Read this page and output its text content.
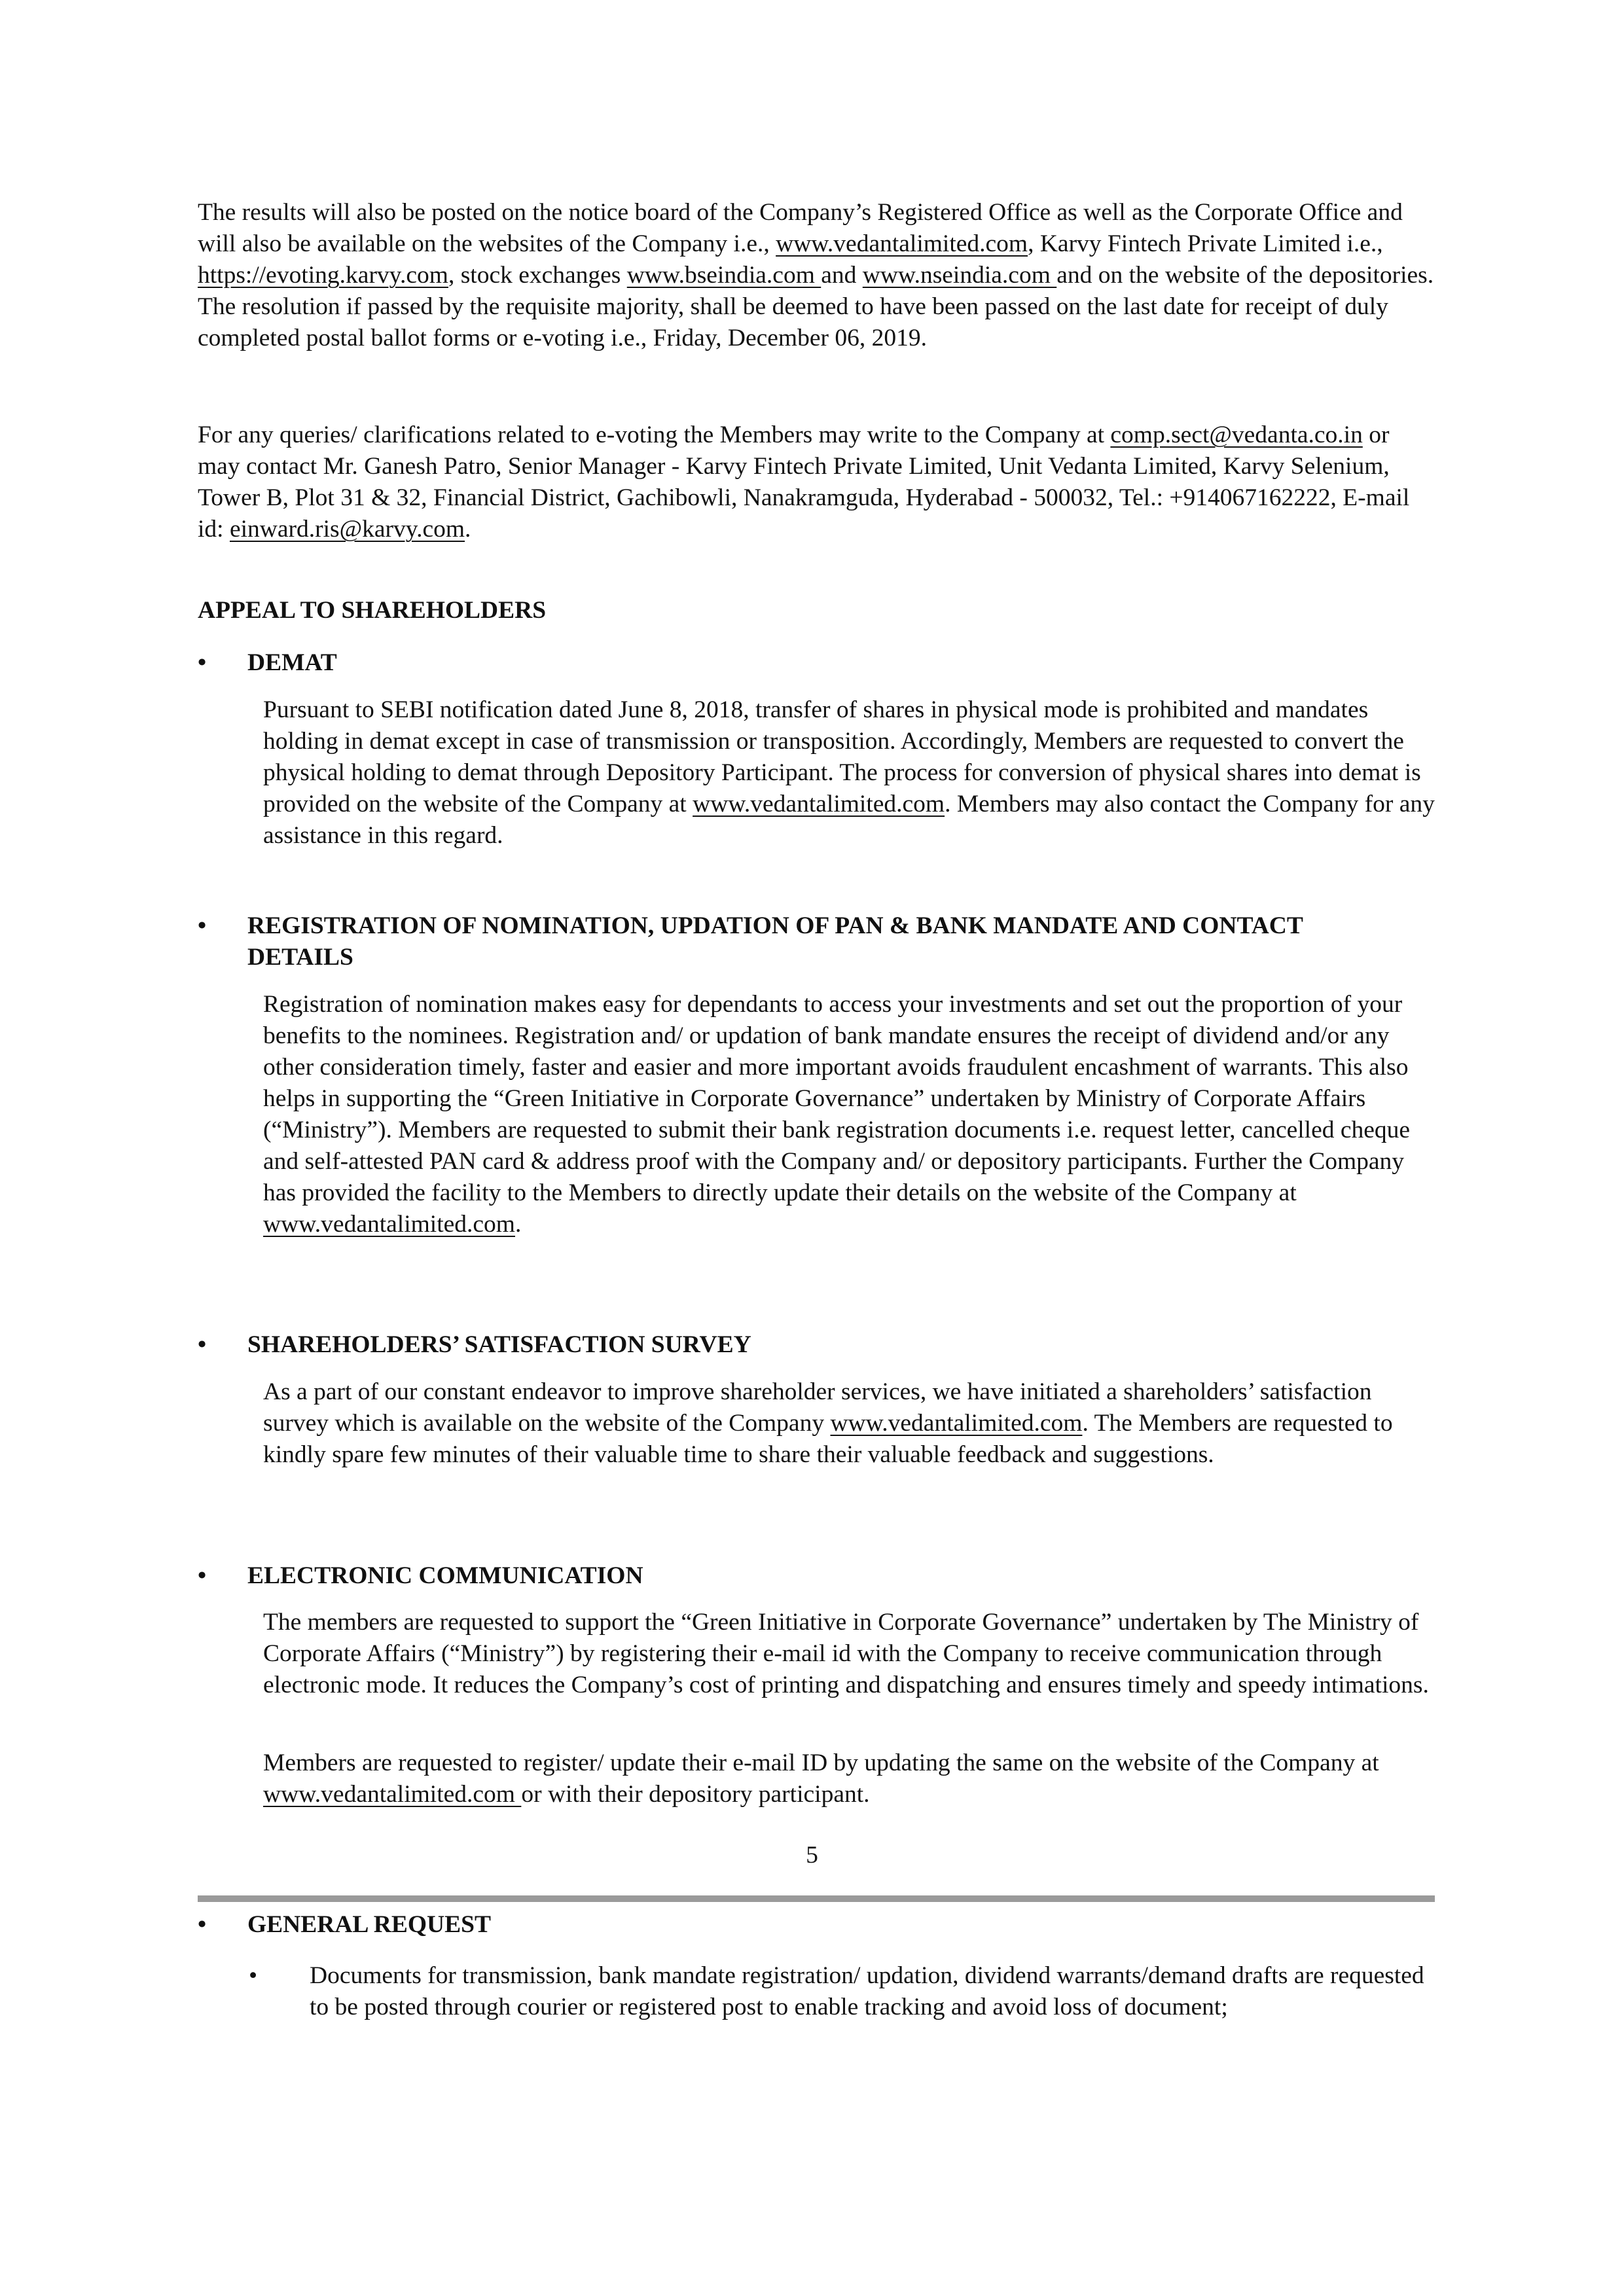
The results will also be posted on the notice board of the Company’s Registered Office as well as the Corporate Office and will also be available on the websites of the Company i.e., www.vedantalimited.com, Karvy Fintech Private Limited i.e., https://evoting.karvy.com, stock exchanges www.bseindia.com and www.nseindia.com and on the website of the depositories. The resolution if passed by the requisite majority, shall be deemed to have been passed on the last date for receipt of duly completed postal ballot forms or e-voting i.e., Friday, December 06, 2019.

For any queries/ clarifications related to e-voting the Members may write to the Company at comp.sect@vedanta.co.in or may contact Mr. Ganesh Patro, Senior Manager - Karvy Fintech Private Limited, Unit Vedanta Limited, Karvy Selenium, Tower B, Plot 31 & 32, Financial District, Gachibowli, Nanakramguda, Hyderabad - 500032, Tel.: +914067162222, E-mail id: einward.ris@karvy.com.

APPEAL TO SHAREHOLDERS
• DEMAT

Pursuant to SEBI notification dated June 8, 2018, transfer of shares in physical mode is prohibited and mandates holding in demat except in case of transmission or transposition. Accordingly, Members are requested to convert the physical holding to demat through Depository Participant. The process for conversion of physical shares into demat is provided on the website of the Company at www.vedantalimited.com. Members may also contact the Company for any assistance in this regard.

• REGISTRATION OF NOMINATION, UPDATION OF PAN & BANK MANDATE AND CONTACT DETAILS

Registration of nomination makes easy for dependants to access your investments and set out the proportion of your benefits to the nominees. Registration and/ or updation of bank mandate ensures the receipt of dividend and/or any other consideration timely, faster and easier and more important avoids fraudulent encashment of warrants. This also helps in supporting the “Green Initiative in Corporate Governance” undertaken by Ministry of Corporate Affairs (“Ministry”). Members are requested to submit their bank registration documents i.e. request letter, cancelled cheque and self-attested PAN card & address proof with the Company and/ or depository participants. Further the Company has provided the facility to the Members to directly update their details on the website of the Company at www.vedantalimited.com.

• SHAREHOLDERS’ SATISFACTION SURVEY

As a part of our constant endeavor to improve shareholder services, we have initiated a shareholders’ satisfaction survey which is available on the website of the Company www.vedantalimited.com. The Members are requested to kindly spare few minutes of their valuable time to share their valuable feedback and suggestions.

• ELECTRONIC COMMUNICATION

The members are requested to support the “Green Initiative in Corporate Governance” undertaken by The Ministry of Corporate Affairs (“Ministry”) by registering their e-mail id with the Company to receive communication through electronic mode. It reduces the Company’s cost of printing and dispatching and ensures timely and speedy intimations.

Members are requested to register/ update their e-mail ID by updating the same on the website of the Company at www.vedantalimited.com or with their depository participant.

5
• GENERAL REQUEST
• Documents for transmission, bank mandate registration/ updation, dividend warrants/demand drafts are requested to be posted through courier or registered post to enable tracking and avoid loss of document;
